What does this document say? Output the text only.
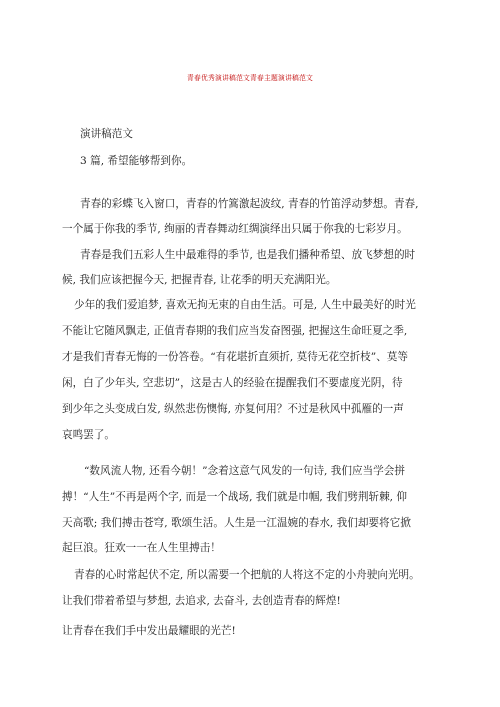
青春优秀演讲稿范文青春主题演讲稿范文
演讲稿范文
3 篇, 希望能够帮到你。
青春的彩蝶飞入窗口，青春的竹篙激起波纹, 青春的竹笛浮动梦想。青春,
一个属于你我的季节, 绚丽的青春舞动红绸演绎出只属于你我的七彩岁月。
青春是我们五彩人生中最难得的季节, 也是我们播种希望、放飞梦想的时
候, 我们应该把握今天, 把握青春, 让花季的明天充满阳光。
少年的我们爱追梦, 喜欢无拘无束的自由生活。可是, 人生中最美好的时光
不能让它随风飘走, 正值青春期的我们应当发奋图强, 把握这生命旺夏之季,
才是我们青春无悔的一份答卷。“有花堪折直须折, 莫待无花空折枝”、莫等
闲，白了少年头, 空悲切”，这是古人的经验在提醒我们不要虚度光阴，待
到少年之头变成白发, 纵然悲伤懊悔, 亦复何用？不过是秋风中孤雁的一声
哀鸣罢了。
“数风流人物, 还看今朝！”念着这意气风发的一句诗, 我们应当学会拼
搏！“人生”不再是两个字, 而是一个战场, 我们就是巾帼, 我们劈荆斩棘, 仰
天高歌; 我们搏击苍穹, 歌颂生活。人生是一江温婉的春水, 我们却要将它掀
起巨浪。狂欢一一在人生里搏击！
青春的心时常起伏不定, 所以需要一个把航的人将这不定的小舟驶向光明。
让我们带着希望与梦想, 去追求, 去奋斗, 去创造青春的辉煌!
让青春在我们手中发出最耀眼的光芒!
